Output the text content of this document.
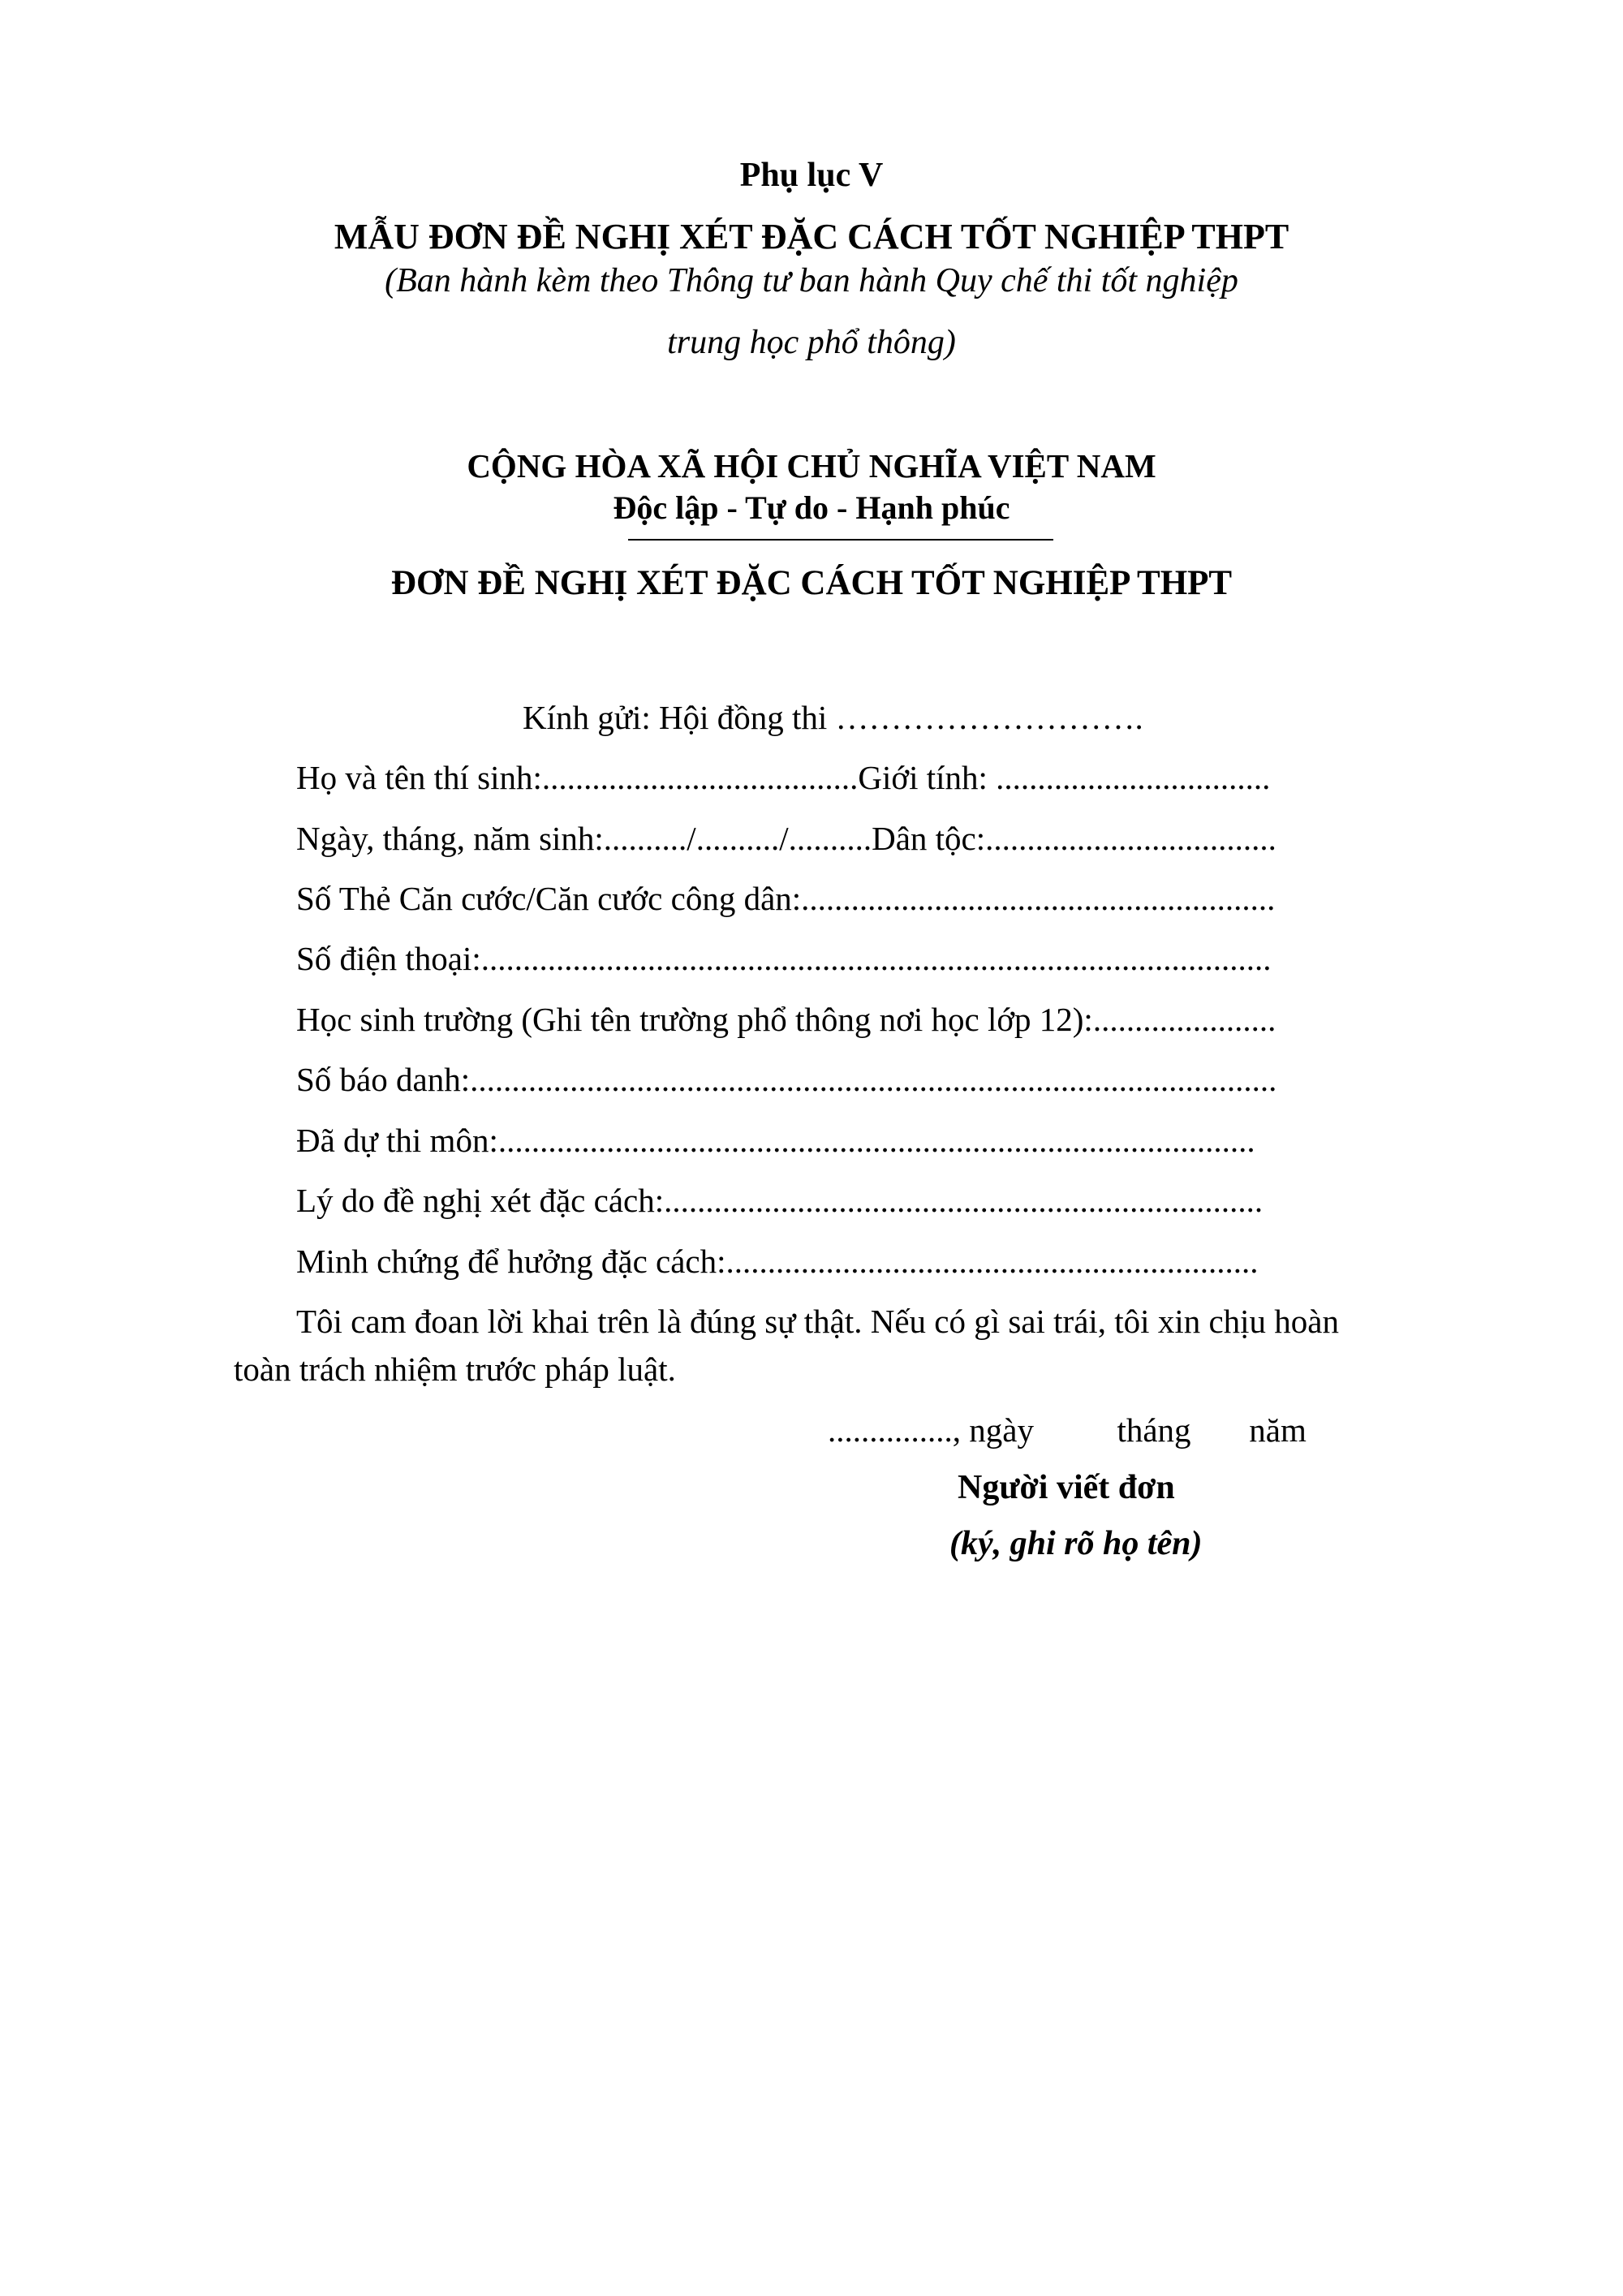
Phụ lục V
MẪU ĐƠN ĐỀ NGHỊ XÉT ĐẶC CÁCH TỐT NGHIỆP THPT
(Ban hành kèm theo Thông tư ban hành Quy chế thi tốt nghiệp
trung học phổ thông)
CỘNG HÒA XÃ HỘI CHỦ NGHĨA VIỆT NAM
Độc lập - Tự do - Hạnh phúc
ĐƠN ĐỀ NGHỊ XÉT ĐẶC CÁCH TỐT NGHIỆP THPT
Kính gửi: Hội đồng thi ……………………….
Họ và tên thí sinh:......................................Giới tính: .................................
Ngày, tháng, năm sinh:........../........../..........Dân tộc:...................................
Số Thẻ Căn cước/Căn cước công dân:.........................................................
Số điện thoại:...............................................................................................
Học sinh trường (Ghi tên trường phổ thông nơi học lớp 12):......................
Số báo danh:.................................................................................................
Đã dự thi môn:...........................................................................................
Lý do đề nghị xét đặc cách:........................................................................
Minh chứng để hưởng đặc cách:................................................................
Tôi cam đoan lời khai trên là đúng sự thật. Nếu có gì sai trái, tôi xin chịu hoàn
toàn trách nhiệm trước pháp luật.
..............., ngày          tháng       năm
Người viết đơn
(ký, ghi rõ họ tên)
